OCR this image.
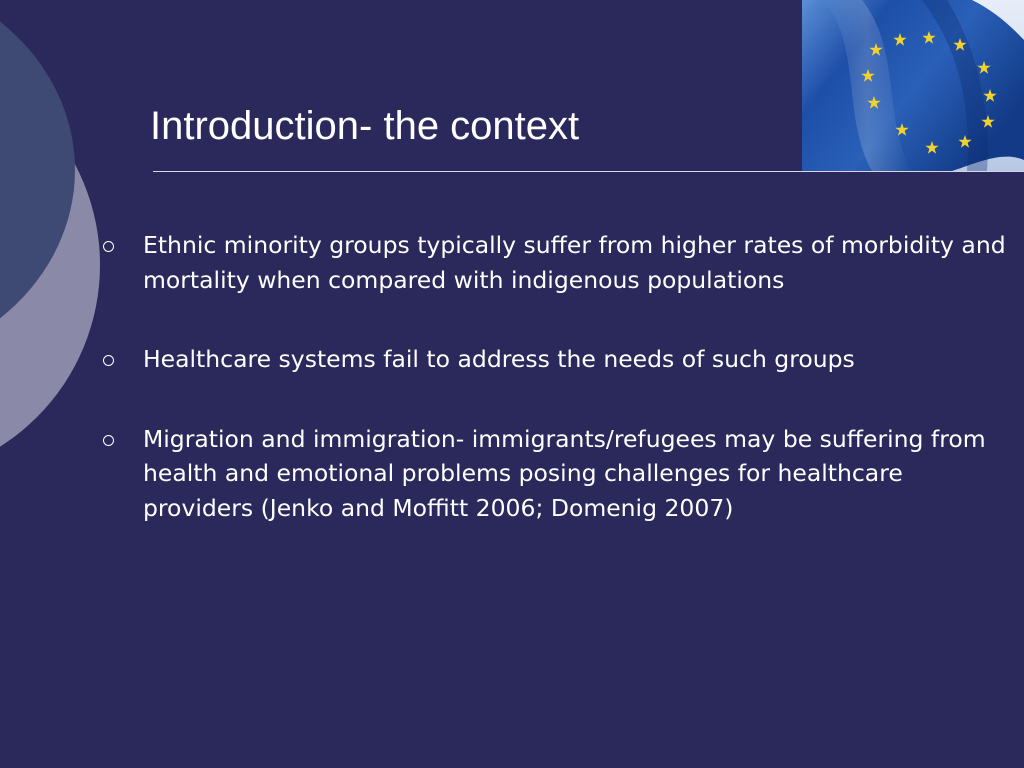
Introduction- the context
Ethnic minority groups typically suffer from higher rates of morbidity and mortality when compared with indigenous populations
Healthcare systems fail to address the needs of such groups
Migration and immigration- immigrants/refugees may be suffering from health and emotional problems posing challenges for healthcare providers (Jenko and Moffitt 2006; Domenig 2007)
